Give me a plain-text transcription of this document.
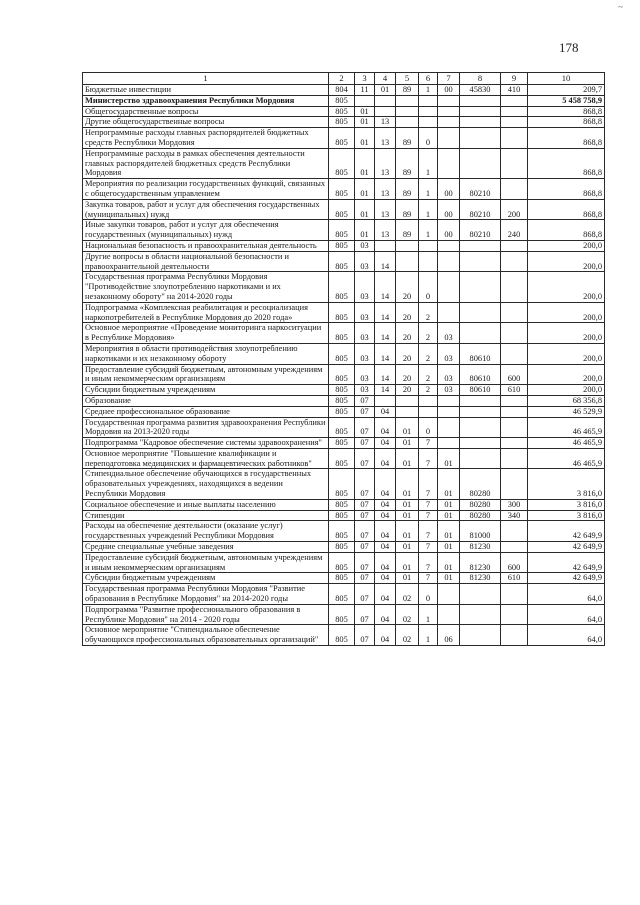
~
178
1	2	3	4	5	6	7	8	9	10
Бюджетные инвестиции	804	11	01	89	1	00	45830	410	209,7
Министерство здравоохранения Республики Мордовия	805								5 458 758,9
Общегосударственные вопросы	805	01							868,8
Другие общегосударственные вопросы	805	01	13						868,8
Непрограммные расходы главных распорядителей бюджетных средств Республики Мордовия	805	01	13	89	0				868,8
Непрограммные расходы в рамках обеспечения деятельности главных распорядителей бюджетных средств Республики Мордовия	805	01	13	89	1				868,8
Мероприятия по реализации государственных функций, связанных с общегосударственным управлением	805	01	13	89	1	00	80210		868,8
Закупка товаров, работ и услуг для обеспечения государственных (муниципальных) нужд	805	01	13	89	1	00	80210	200	868,8
Иные закупки товаров, работ и услуг для обеспечения государственных (муниципальных) нужд	805	01	13	89	1	00	80210	240	868,8
Национальная безопасность и правоохранительная деятельность	805	03							200,0
Другие вопросы в области национальной безопасности и правоохранительной деятельности	805	03	14						200,0
Государственная программа Республики Мордовия "Противодействие злоупотреблению наркотиками и их незаконному обороту" на 2014-2020 годы	805	03	14	20	0				200,0
Подпрограмма «Комплексная реабилитация и ресоциализация наркопотребителей в Республике Мордовия до 2020 года»	805	03	14	20	2				200,0
Основное мероприятие «Проведение мониторинга наркоситуации в Республике Мордовия»	805	03	14	20	2	03			200,0
Мероприятия в области противодействия злоупотреблению наркотиками и их незаконному обороту	805	03	14	20	2	03	80610		200,0
Предоставление субсидий бюджетным, автономным учреждениям и иным некоммерческим организациям	805	03	14	20	2	03	80610	600	200,0
Субсидии бюджетным учреждениям	805	03	14	20	2	03	80610	610	200,0
Образование	805	07							68 356,8
Среднее профессиональное образование	805	07	04						46 529,9
Государственная программа развития здравоохранения Республики Мордовия на 2013-2020 годы	805	07	04	01	0				46 465,9
Подпрограмма "Кадровое обеспечение системы здравоохранения"	805	07	04	01	7				46 465,9
Основное мероприятие "Повышение квалификации и переподготовка медицинских и фармацевтических работников"	805	07	04	01	7	01			46 465,9
Стипендиальное обеспечение обучающихся в государственных образовательных учреждениях, находящихся в ведении Республики Мордовия	805	07	04	01	7	01	80280		3 816,0
Социальное обеспечение и иные выплаты населению	805	07	04	01	7	01	80280	300	3 816,0
Стипендии	805	07	04	01	7	01	80280	340	3 816,0
Расходы на обеспечение деятельности (оказание услуг) государственных учреждений Республики Мордовия	805	07	04	01	7	01	81000		42 649,9
Средние специальные учебные заведения	805	07	04	01	7	01	81230		42 649,9
Предоставление субсидий бюджетным, автономным учреждениям и иным некоммерческим организациям	805	07	04	01	7	01	81230	600	42 649,9
Субсидии бюджетным учреждениям	805	07	04	01	7	01	81230	610	42 649,9
Государственная программа Республики Мордовия "Развитие образования в Республике Мордовия" на 2014-2020 годы	805	07	04	02	0				64,0
Подпрограмма "Развитие профессионального образования в Республике Мордовия" на 2014 - 2020 годы	805	07	04	02	1				64,0
Основное мероприятие "Стипендиальное обеспечение обучающихся профессиональных образовательных организаций"	805	07	04	02	1	06			64,0
